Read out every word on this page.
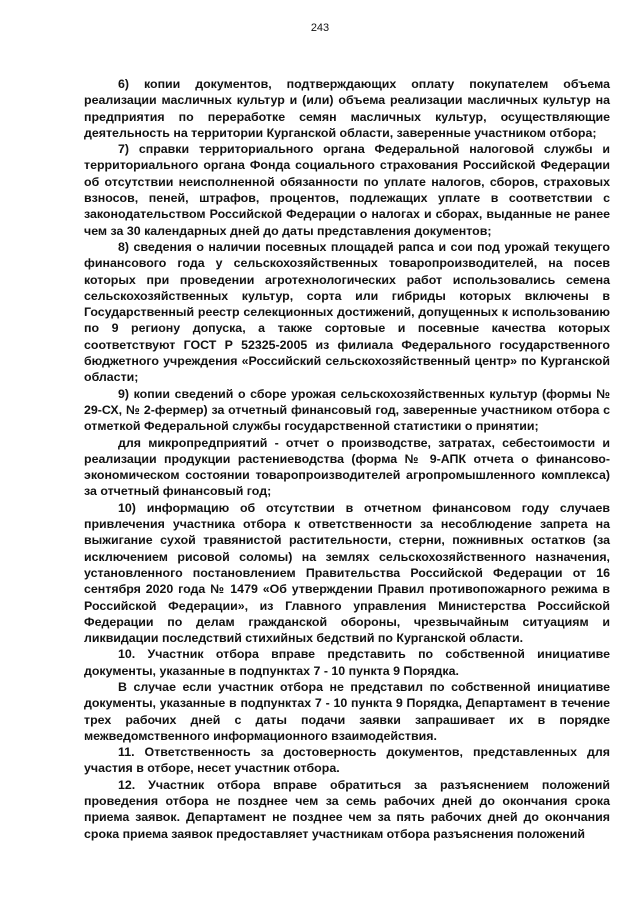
243

6) копии документов, подтверждающих оплату покупателем объема реализации масличных культур и (или) объема реализации масличных культур на предприятия по переработке семян масличных культур, осуществляющие деятельность на территории Курганской области, заверенные участником отбора;

7) справки территориального органа Федеральной налоговой службы и территориального органа Фонда социального страхования Российской Федерации об отсутствии неисполненной обязанности по уплате налогов, сборов, страховых взносов, пеней, штрафов, процентов, подлежащих уплате в соответствии с законодательством Российской Федерации о налогах и сборах, выданные не ранее чем за 30 календарных дней до даты представления документов;

8) сведения о наличии посевных площадей рапса и сои под урожай текущего финансового года у сельскохозяйственных товаропроизводителей, на посев которых при проведении агротехнологических работ использовались семена сельскохозяйственных культур, сорта или гибриды которых включены в Государственный реестр селекционных достижений, допущенных к использованию по 9 региону допуска, а также сортовые и посевные качества которых соответствуют ГОСТ Р 52325-2005 из филиала Федерального государственного бюджетного учреждения «Российский сельскохозяйственный центр» по Курганской области;

9) копии сведений о сборе урожая сельскохозяйственных культур (формы № 29-СХ, № 2-фермер) за отчетный финансовый год, заверенные участником отбора с отметкой Федеральной службы государственной статистики о принятии;

для микропредприятий - отчет о производстве, затратах, себестоимости и реализации продукции растениеводства (форма № 9-АПК отчета о финансово-экономическом состоянии товаропроизводителей агропромышленного комплекса) за отчетный финансовый год;

10) информацию об отсутствии в отчетном финансовом году случаев привлечения участника отбора к ответственности за несоблюдение запрета на выжигание сухой травянистой растительности, стерни, пожнивных остатков (за исключением рисовой соломы) на землях сельскохозяйственного назначения, установленного постановлением Правительства Российской Федерации от 16 сентября 2020 года № 1479 «Об утверждении Правил противопожарного режима в Российской Федерации», из Главного управления Министерства Российской Федерации по делам гражданской обороны, чрезвычайным ситуациям и ликвидации последствий стихийных бедствий по Курганской области.

10. Участник отбора вправе представить по собственной инициативе документы, указанные в подпунктах 7 - 10 пункта 9 Порядка.

В случае если участник отбора не представил по собственной инициативе документы, указанные в подпунктах 7 - 10 пункта 9 Порядка, Департамент в течение трех рабочих дней с даты подачи заявки запрашивает их в порядке межведомственного информационного взаимодействия.

11. Ответственность за достоверность документов, представленных для участия в отборе, несет участник отбора.

12. Участник отбора вправе обратиться за разъяснением положений проведения отбора не позднее чем за семь рабочих дней до окончания срока приема заявок. Департамент не позднее чем за пять рабочих дней до окончания срока приема заявок предоставляет участникам отбора разъяснения положений
